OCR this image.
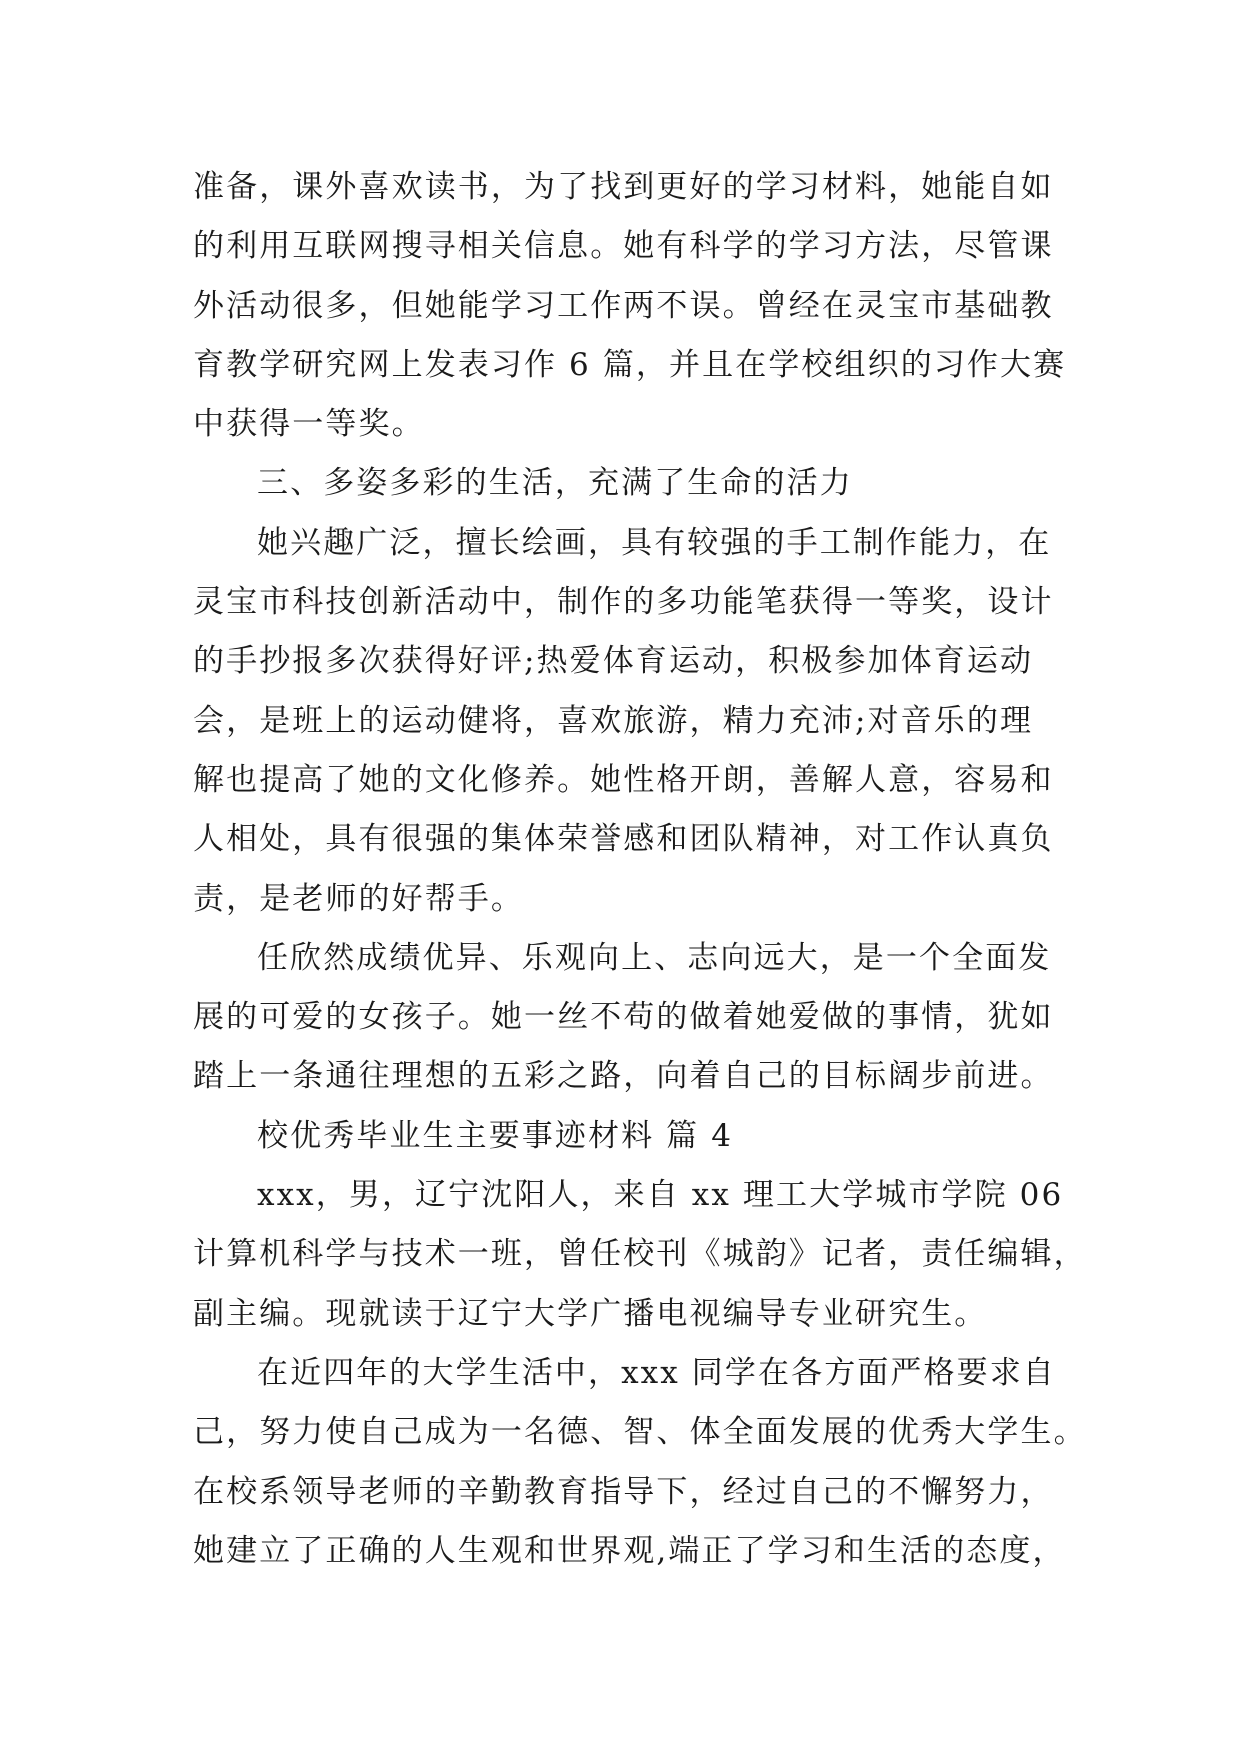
准备，课外喜欢读书，为了找到更好的学习材料，她能自如
的利用互联网搜寻相关信息。她有科学的学习方法，尽管课
外活动很多，但她能学习工作两不误。曾经在灵宝市基础教
育教学研究网上发表习作 6 篇，并且在学校组织的习作大赛
中获得一等奖。
三、多姿多彩的生活，充满了生命的活力
她兴趣广泛，擅长绘画，具有较强的手工制作能力，在
灵宝市科技创新活动中，制作的多功能笔获得一等奖，设计
的手抄报多次获得好评;热爱体育运动，积极参加体育运动
会，是班上的运动健将，喜欢旅游，精力充沛;对音乐的理
解也提高了她的文化修养。她性格开朗，善解人意，容易和
人相处，具有很强的集体荣誉感和团队精神，对工作认真负
责，是老师的好帮手。
任欣然成绩优异、乐观向上、志向远大，是一个全面发
展的可爱的女孩子。她一丝不苟的做着她爱做的事情，犹如
踏上一条通往理想的五彩之路，向着自己的目标阔步前进。
校优秀毕业生主要事迹材料 篇 4
xxx，男，辽宁沈阳人，来自 xx 理工大学城市学院 06
计算机科学与技术一班，曾任校刊《城韵》记者，责任编辑，
副主编。现就读于辽宁大学广播电视编导专业研究生。
在近四年的大学生活中，xxx 同学在各方面严格要求自
己，努力使自己成为一名德、智、体全面发展的优秀大学生。
在校系领导老师的辛勤教育指导下，经过自己的不懈努力，
她建立了正确的人生观和世界观,端正了学习和生活的态度，
